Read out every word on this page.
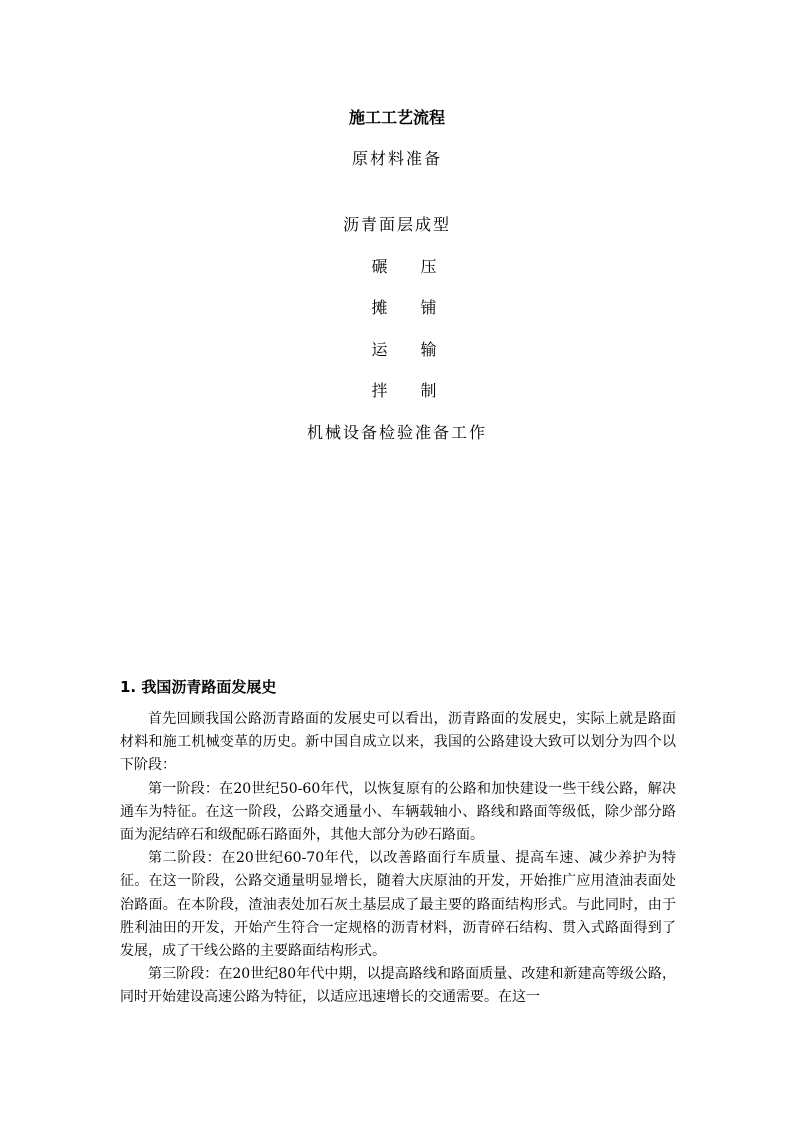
施工工艺流程
原材料准备
沥青面层成型
碾 压
摊 铺
运 输
拌 制
机械设备检验准备工作
1. 我国沥青路面发展史

首先回顾我国公路沥青路面的发展史可以看出，沥青路面的发展史，实际上就是路面材料和施工机械变革的历史。新中国自成立以来，我国的公路建设大致可以划分为四个以下阶段：

第一阶段：在20世纪50-60年代，以恢复原有的公路和加快建设一些干线公路，解决通车为特征。在这一阶段，公路交通量小、车辆载轴小、路线和路面等级低，除少部分路面为泥结碎石和级配砾石路面外，其他大部分为砂石路面。

第二阶段：在20世纪60-70年代，以改善路面行车质量、提高车速、减少养护为特征。在这一阶段，公路交通量明显增长，随着大庆原油的开发，开始推广应用渣油表面处治路面。在本阶段，渣油表处加石灰土基层成了最主要的路面结构形式。与此同时，由于胜利油田的开发，开始产生符合一定规格的沥青材料，沥青碎石结构、贯入式路面得到了发展，成了干线公路的主要路面结构形式。

第三阶段：在20世纪80年代中期，以提高路线和路面质量、改建和新建高等级公路，同时开始建设高速公路为特征，以适应迅速增长的交通需要。在这一
